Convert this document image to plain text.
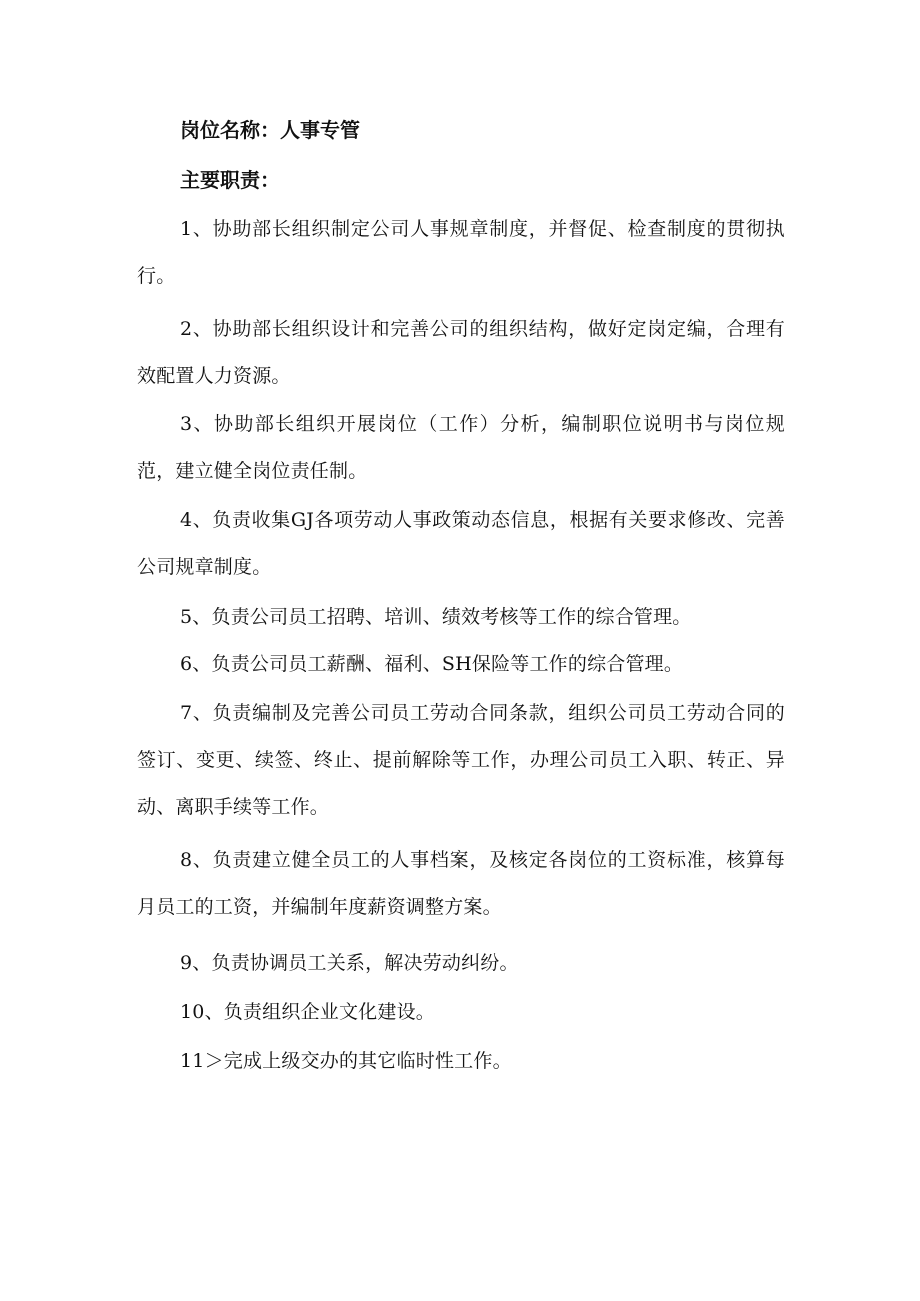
岗位名称：人事专管
主要职责：
1、协助部长组织制定公司人事规章制度，并督促、检查制度的贯彻执行。
2、协助部长组织设计和完善公司的组织结构，做好定岗定编，合理有效配置人力资源。
3、协助部长组织开展岗位（工作）分析，编制职位说明书与岗位规范，建立健全岗位责任制。
4、负责收集GJ各项劳动人事政策动态信息，根据有关要求修改、完善公司规章制度。
5、负责公司员工招聘、培训、绩效考核等工作的综合管理。
6、负责公司员工薪酬、福利、SH保险等工作的综合管理。
7、负责编制及完善公司员工劳动合同条款，组织公司员工劳动合同的签订、变更、续签、终止、提前解除等工作，办理公司员工入职、转正、异动、离职手续等工作。
8、负责建立健全员工的人事档案，及核定各岗位的工资标准，核算每月员工的工资，并编制年度薪资调整方案。
9、负责协调员工关系，解决劳动纠纷。
10、负责组织企业文化建设。
11＞完成上级交办的其它临时性工作。
